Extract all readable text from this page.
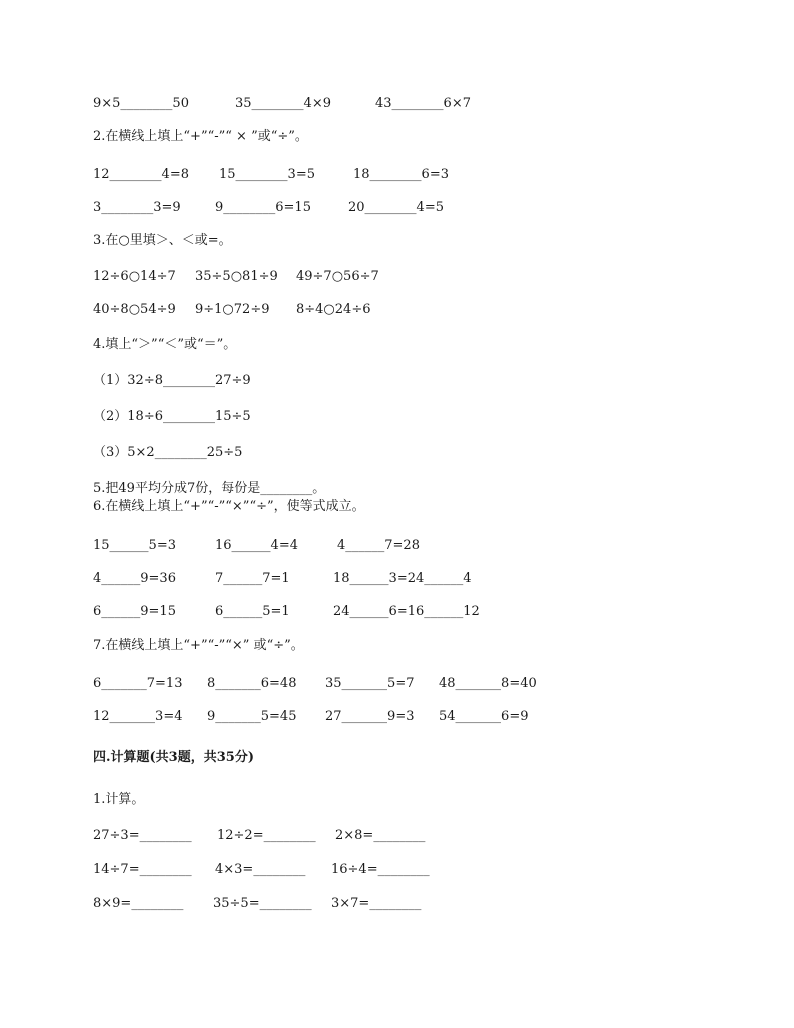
9×5________50	35________4×9	43________6×7
2.在横线上填上“+”“-”“ × ”或“÷”。
12________4=8 15________3=5	18________6=3
3________3=9	9________6=15	20________4=5
3.在○里填＞、＜或=。
12÷6○14÷7 35÷5○81÷9 49÷7○56÷7
40÷8○54÷9 9÷1○72÷9 8÷4○24÷6
4.填上“＞”“＜”或“＝”。
（1）32÷8________27÷9
（2）18÷6________15÷5
（3）5×2________25÷5
5.把49平均分成7份，每份是________。
6.在横线上填上“+”“-”“×”“÷”，使等式成立。
15______5=3	16______4=4	4______7=28
4______9=36	7______7=1	18______3=24______4
6______9=15	6______5=1	24______6=16______12
7.在横线上填上“+”“-”“×” 或“÷”。
6_______7=13 8_______6=48 35_______5=7 48_______8=40
12_______3=4 9_______5=45 27_______9=3 54_______6=9
四.计算题(共3题，共35分)
1.计算。
27÷3=________ 12÷2=________ 2×8=________
14÷7=________ 4×3=________ 16÷4=________
8×9=________ 35÷5=________ 3×7=________
